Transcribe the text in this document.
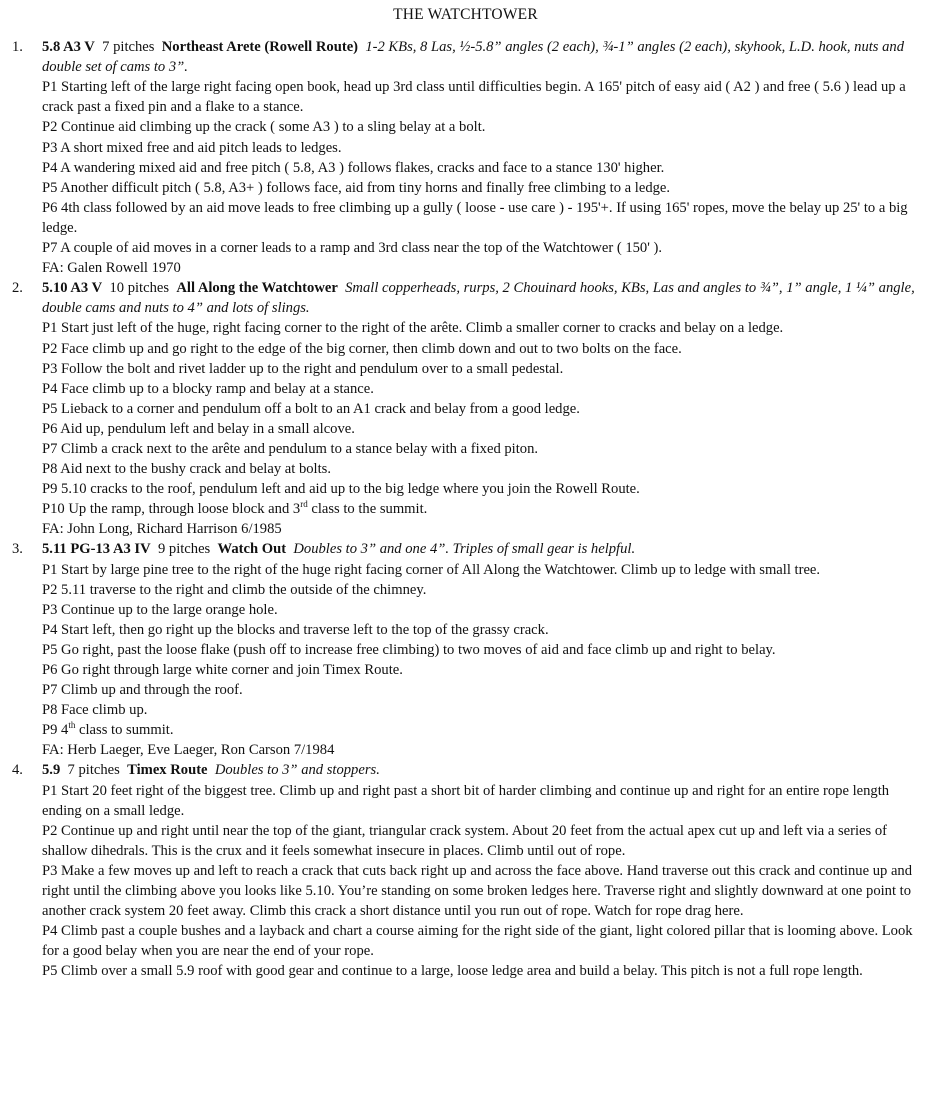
THE WATCHTOWER
1.	5.8 A3 V 7 pitches Northeast Arete (Rowell Route) 1-2 KBs, 8 Las, ½-5.8” angles (2 each), ¾-1” angles (2 each), skyhook, L.D. hook, nuts and double set of cams to 3”.
P1 Starting left of the large right facing open book, head up 3rd class until difficulties begin. A 165' pitch of easy aid ( A2 ) and free ( 5.6 ) lead up a crack past a fixed pin and a flake to a stance.
P2 Continue aid climbing up the crack ( some A3 ) to a sling belay at a bolt.
P3 A short mixed free and aid pitch leads to ledges.
P4 A wandering mixed aid and free pitch ( 5.8, A3 ) follows flakes, cracks and face to a stance 130' higher.
P5 Another difficult pitch ( 5.8, A3+ ) follows face, aid from tiny horns and finally free climbing to a ledge.
P6 4th class followed by an aid move leads to free climbing up a gully ( loose - use care ) - 195'+. If using 165' ropes, move the belay up 25' to a big ledge.
P7 A couple of aid moves in a corner leads to a ramp and 3rd class near the top of the Watchtower ( 150' ).
FA: Galen Rowell 1970
2.	5.10 A3 V 10 pitches All Along the Watchtower Small copperheads, rurps, 2 Chouinard hooks, KBs, Las and angles to ¾”, 1” angle, 1 ¼” angle, double cams and nuts to 4” and lots of slings.
P1 Start just left of the huge, right facing corner to the right of the arête. Climb a smaller corner to cracks and belay on a ledge.
P2 Face climb up and go right to the edge of the big corner, then climb down and out to two bolts on the face.
P3 Follow the bolt and rivet ladder up to the right and pendulum over to a small pedestal.
P4 Face climb up to a blocky ramp and belay at a stance.
P5 Lieback to a corner and pendulum off a bolt to an A1 crack and belay from a good ledge.
P6 Aid up, pendulum left and belay in a small alcove.
P7 Climb a crack next to the arête and pendulum to a stance belay with a fixed piton.
P8 Aid next to the bushy crack and belay at bolts.
P9 5.10 cracks to the roof, pendulum left and aid up to the big ledge where you join the Rowell Route.
P10 Up the ramp, through loose block and 3rd class to the summit.
FA: John Long, Richard Harrison 6/1985
3.	5.11 PG-13 A3 IV 9 pitches Watch Out Doubles to 3” and one 4”. Triples of small gear is helpful.
P1 Start by large pine tree to the right of the huge right facing corner of All Along the Watchtower. Climb up to ledge with small tree.
P2 5.11 traverse to the right and climb the outside of the chimney.
P3 Continue up to the large orange hole.
P4 Start left, then go right up the blocks and traverse left to the top of the grassy crack.
P5 Go right, past the loose flake (push off to increase free climbing) to two moves of aid and face climb up and right to belay.
P6 Go right through large white corner and join Timex Route.
P7 Climb up and through the roof.
P8 Face climb up.
P9 4th class to summit.
FA: Herb Laeger, Eve Laeger, Ron Carson 7/1984
4.	5.9 7 pitches Timex Route Doubles to 3” and stoppers.
P1 Start 20 feet right of the biggest tree. Climb up and right past a short bit of harder climbing and continue up and right for an entire rope length ending on a small ledge.
P2 Continue up and right until near the top of the giant, triangular crack system. About 20 feet from the actual apex cut up and left via a series of shallow dihedrals. This is the crux and it feels somewhat insecure in places. Climb until out of rope.
P3 Make a few moves up and left to reach a crack that cuts back right up and across the face above. Hand traverse out this crack and continue up and right until the climbing above you looks like 5.10. You’re standing on some broken ledges here. Traverse right and slightly downward at one point to another crack system 20 feet away. Climb this crack a short distance until you run out of rope. Watch for rope drag here.
P4 Climb past a couple bushes and a layback and chart a course aiming for the right side of the giant, light colored pillar that is looming above. Look for a good belay when you are near the end of your rope.
P5 Climb over a small 5.9 roof with good gear and continue to a large, loose ledge area and build a belay. This pitch is not a full rope length.
